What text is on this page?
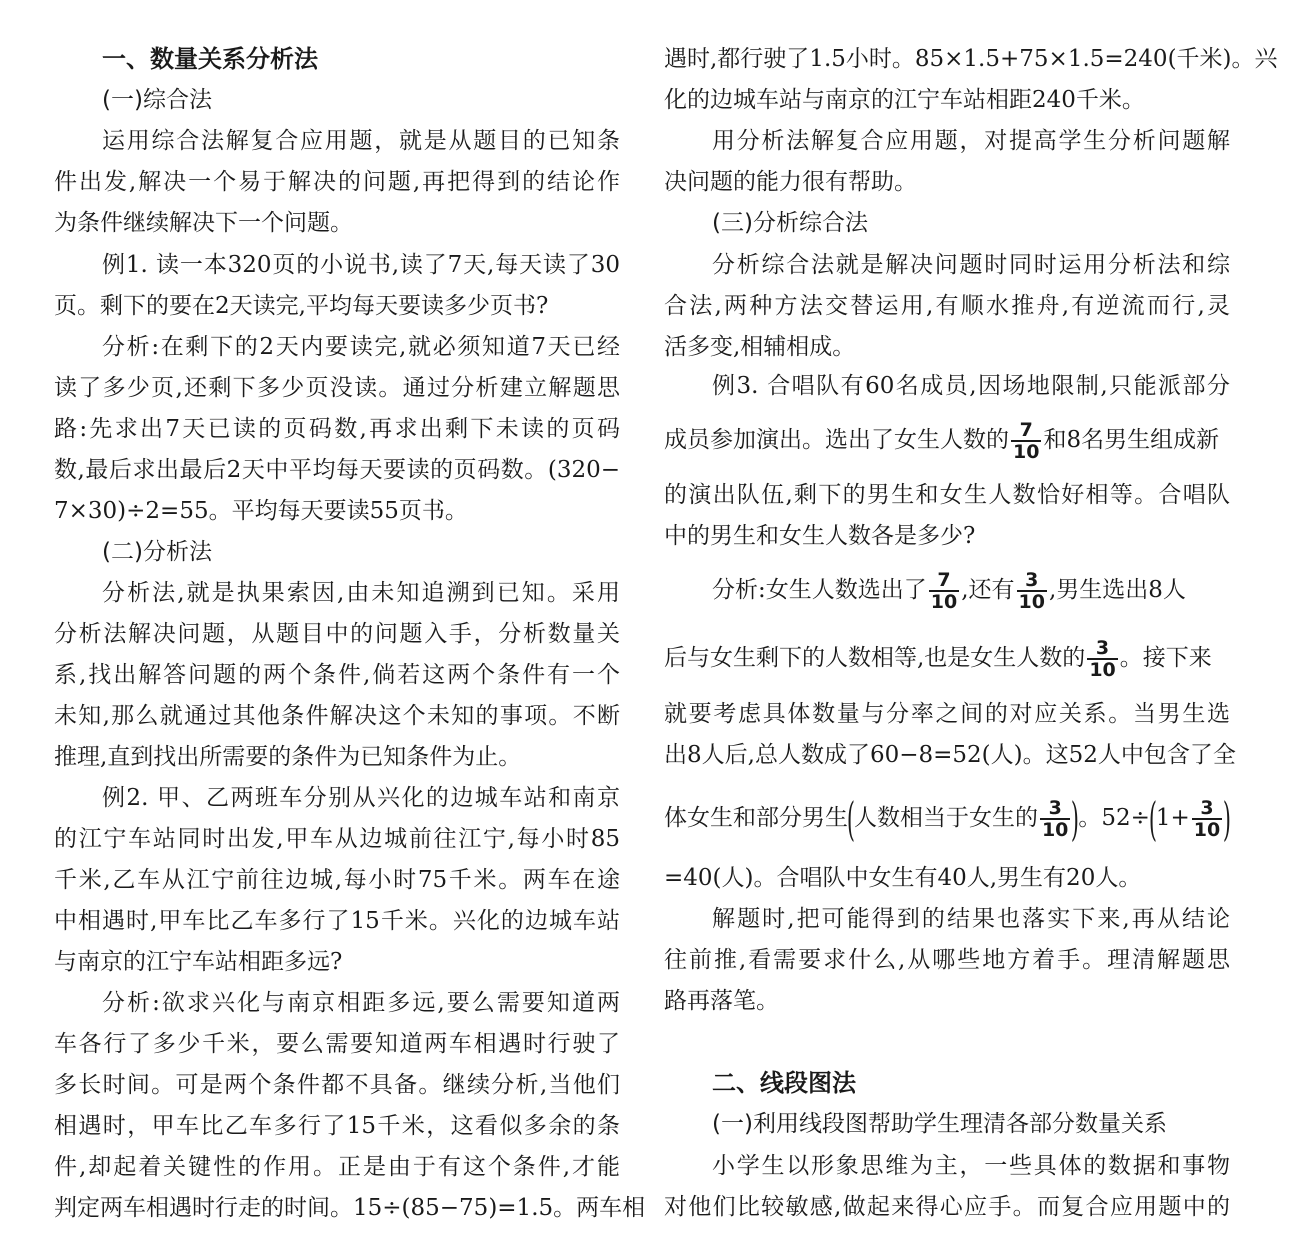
一、数量关系分析法
(一)综合法
运用综合法解复合应用题，就是从题目的已知条
件出发,解决一个易于解决的问题,再把得到的结论作
为条件继续解决下一个问题。
例1. 读一本320页的小说书,读了7天,每天读了30
页。剩下的要在2天读完,平均每天要读多少页书?
分析:在剩下的2天内要读完,就必须知道7天已经
读了多少页,还剩下多少页没读。通过分析建立解题思
路:先求出7天已读的页码数,再求出剩下未读的页码
数,最后求出最后2天中平均每天要读的页码数。(320−
7×30)÷2=55。平均每天要读55页书。
(二)分析法
分析法,就是执果索因,由未知追溯到已知。采用
分析法解决问题，从题目中的问题入手，分析数量关
系,找出解答问题的两个条件,倘若这两个条件有一个
未知,那么就通过其他条件解决这个未知的事项。不断
推理,直到找出所需要的条件为已知条件为止。
例2. 甲、乙两班车分别从兴化的边城车站和南京
的江宁车站同时出发,甲车从边城前往江宁,每小时85
千米,乙车从江宁前往边城,每小时75千米。两车在途
中相遇时,甲车比乙车多行了15千米。兴化的边城车站
与南京的江宁车站相距多远?
分析:欲求兴化与南京相距多远,要么需要知道两
车各行了多少千米，要么需要知道两车相遇时行驶了
多长时间。可是两个条件都不具备。继续分析,当他们
相遇时，甲车比乙车多行了15千米，这看似多余的条
件,却起着关键性的作用。正是由于有这个条件,才能
判定两车相遇时行走的时间。15÷(85−75)=1.5。两车相
遇时,都行驶了1.5小时。85×1.5+75×1.5=240(千米)。兴
化的边城车站与南京的江宁车站相距240千米。
用分析法解复合应用题，对提高学生分析问题解
决问题的能力很有帮助。
(三)分析综合法
分析综合法就是解决问题时同时运用分析法和综
合法,两种方法交替运用,有顺水推舟,有逆流而行,灵
活多变,相辅相成。
例3. 合唱队有60名成员,因场地限制,只能派部分
成员参加演出。选出了女生人数的 $\frac{7}{10}$ 和8名男生组成新
的演出队伍,剩下的男生和女生人数恰好相等。合唱队
中的男生和女生人数各是多少?
分析:女生人数选出了 $\frac{7}{10}$ ,还有 $\frac{3}{10}$ ,男生选出8人
后与女生剩下的人数相等,也是女生人数的 $\frac{3}{10}$ 。接下来
就要考虑具体数量与分率之间的对应关系。当男生选
出8人后,总人数成了60−8=52(人)。这52人中包含了全
体女生和部分男生(人数相当于女生的 $\frac{3}{10}$ )。$52\div(1+ \frac{3}{10}$ )
=40(人)。合唱队中女生有40人,男生有20人。
解题时,把可能得到的结果也落实下来,再从结论
往前推,看需要求什么,从哪些地方着手。理清解题思
路再落笔。
二、线段图法
(一)利用线段图帮助学生理清各部分数量关系
小学生以形象思维为主，一些具体的数据和事物
对他们比较敏感,做起来得心应手。而复合应用题中的
